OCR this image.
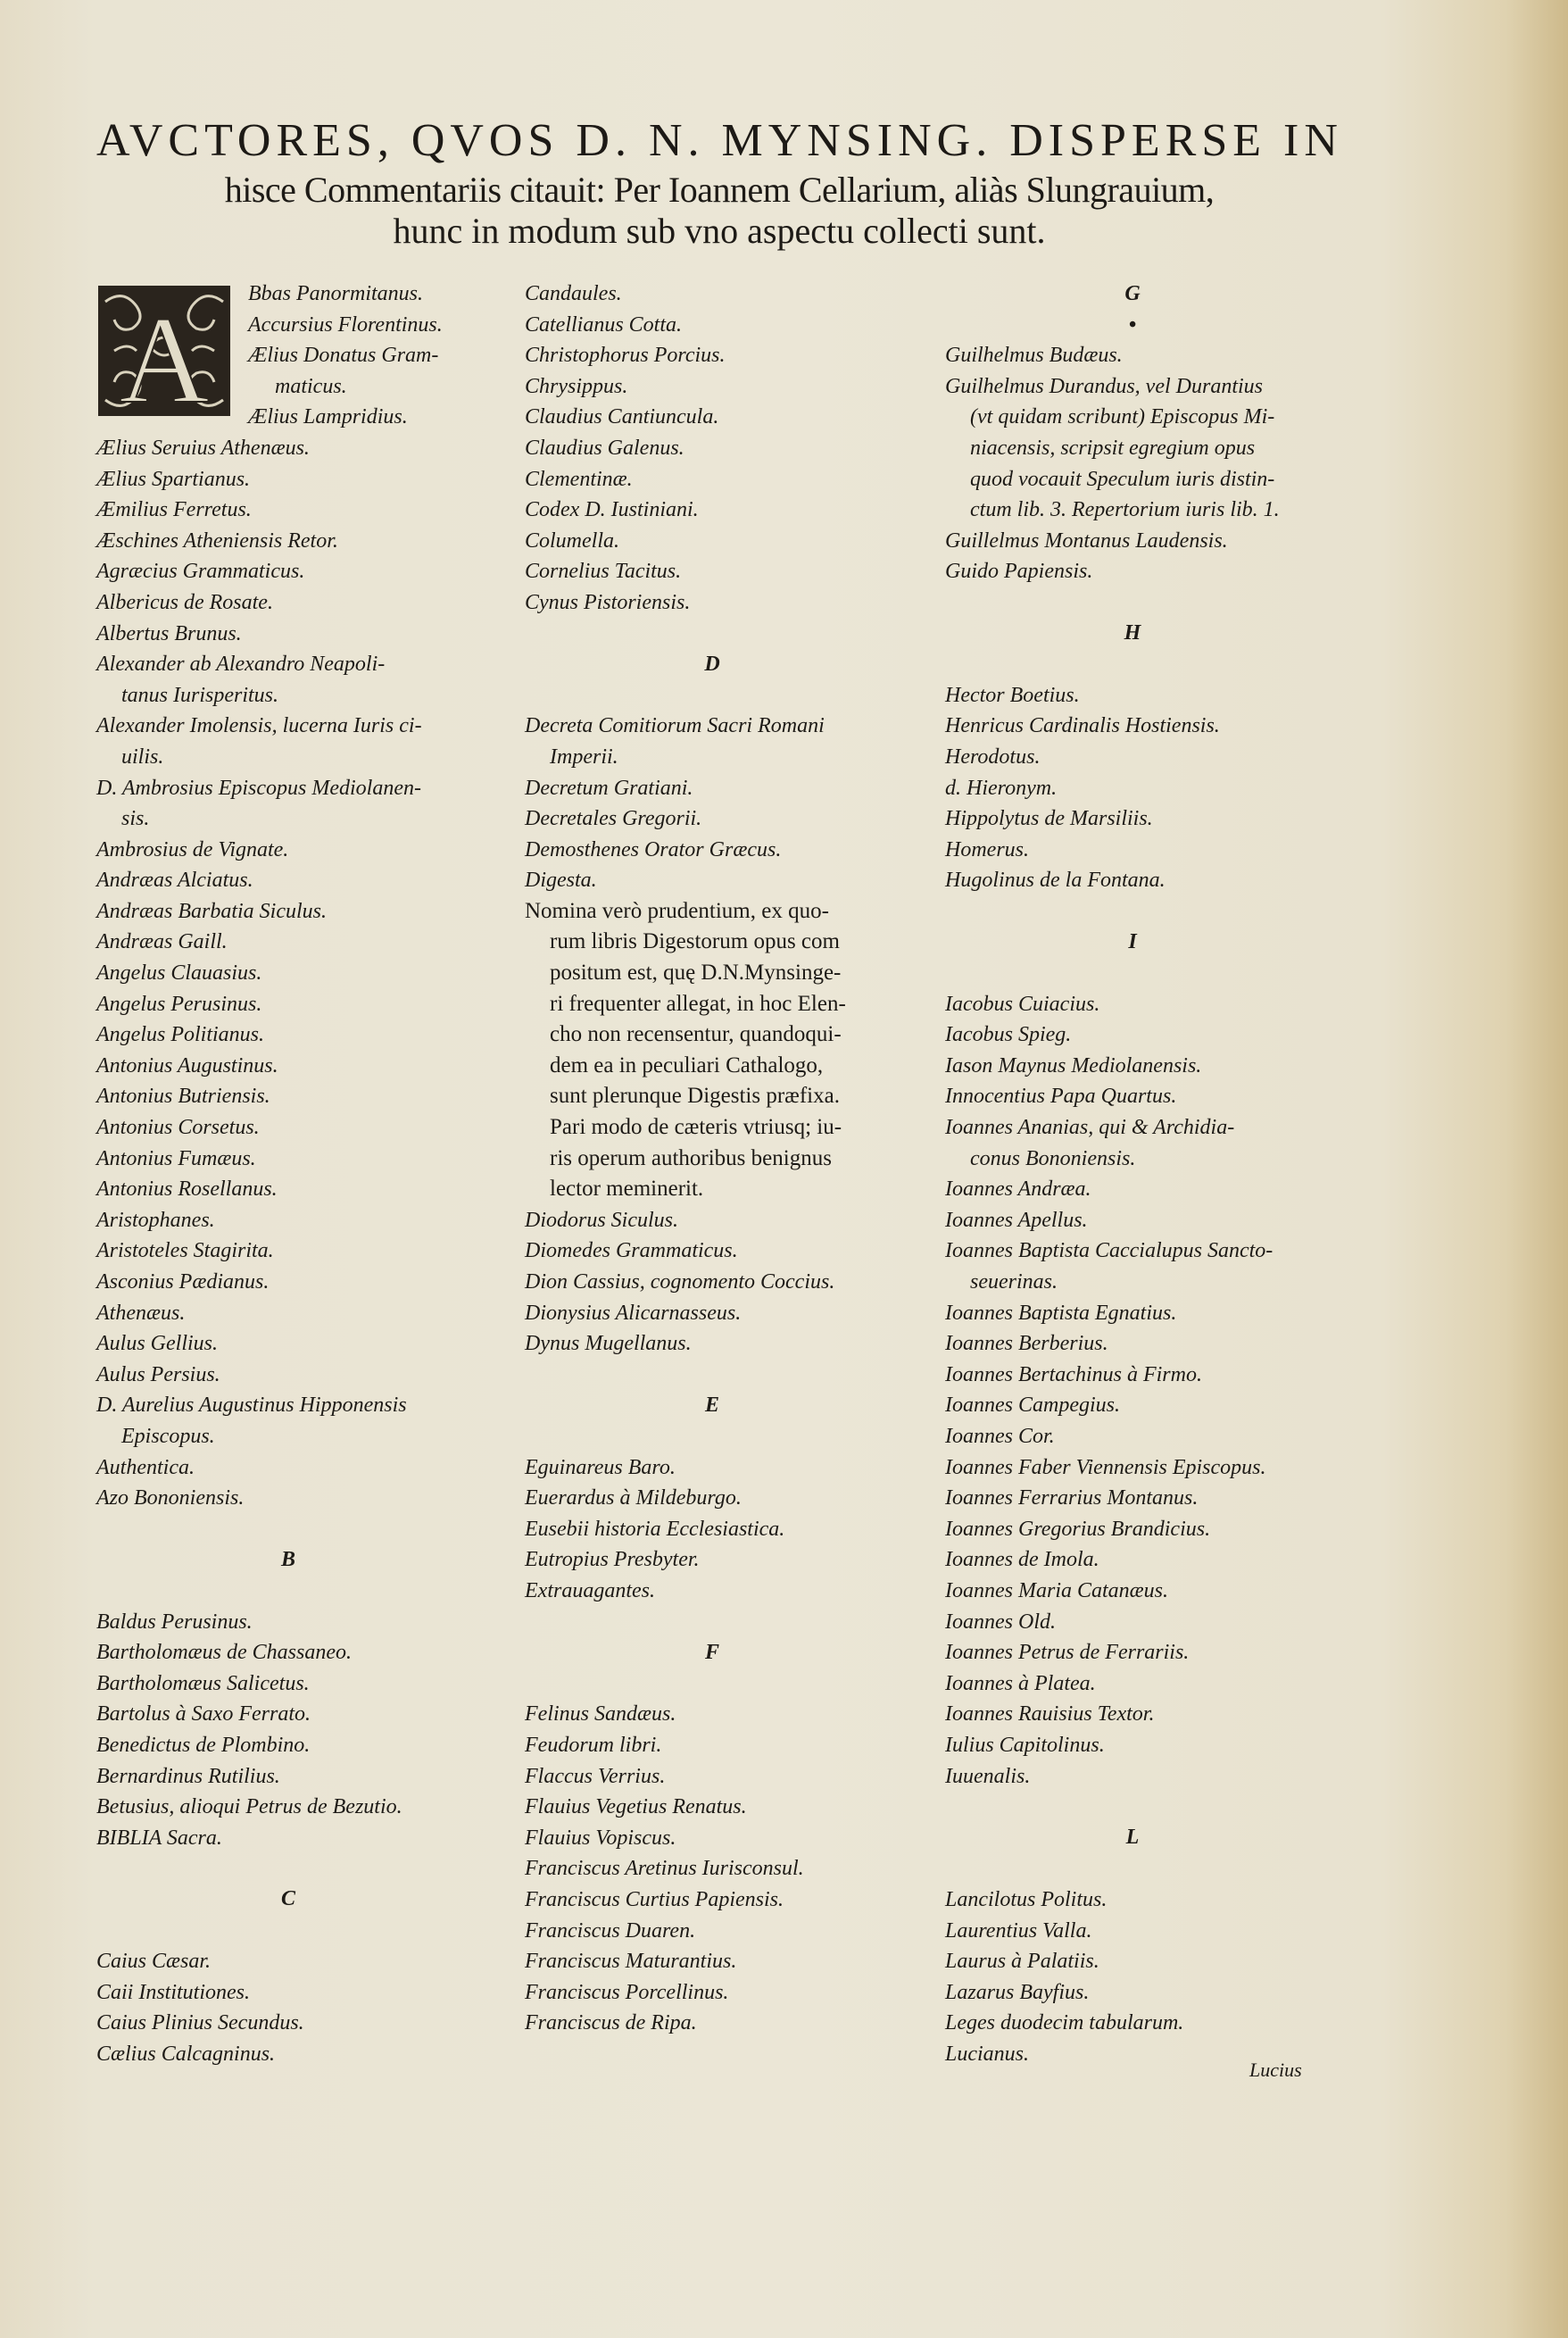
AVCTORES, QVOS D. N. MYNSING. DISPERSE IN
hisce Commentariis citauit: Per Ioannem Cellarium, aliàs Slungrauium,
hunc in modum sub vno aspectu collecti sunt.
A	Bbas Panormitanus.
Accursius Florentinus.
Ælius Donatus Gram-
maticus.
Ælius Lampridius.
Ælius Seruius Athenæus.
Ælius Spartianus.
Æmilius Ferretus.
Æschines Atheniensis Retor.
Agræcius Grammaticus.
Albericus de Rosate.
Albertus Brunus.
Alexander ab Alexandro Neapoli-
tanus Iurisperitus.
Alexander Imolensis, lucerna Iuris ci-
uilis.
D. Ambrosius Episcopus Mediolanen-
sis.
Ambrosius de Vignate.
Andræas Alciatus.
Andræas Barbatia Siculus.
Andræas Gaill.
Angelus Clauasius.
Angelus Perusinus.
Angelus Politianus.
Antonius Augustinus.
Antonius Butriensis.
Antonius Corsetus.
Antonius Fumæus.
Antonius Rosellanus.
Aristophanes.
Aristoteles Stagirita.
Asconius Pædianus.
Athenæus.
Aulus Gellius.
Aulus Persius.
D. Aurelius Augustinus Hipponensis
Episcopus.
Authentica.
Azo Bononiensis.
B
Baldus Perusinus.
Bartholomæus de Chassaneo.
Bartholomæus Salicetus.
Bartolus à Saxo Ferrato.
Benedictus de Plombino.
Bernardinus Rutilius.
Betusius, alioqui Petrus de Bezutio.
BIBLIA Sacra.
C
Caius Cæsar.
Caii Institutiones.
Caius Plinius Secundus.
Cælius Calcagninus.
Candaules.
Catellianus Cotta.
Christophorus Porcius.
Chrysippus.
Claudius Cantiuncula.
Claudius Galenus.
Clementinæ.
Codex D. Iustiniani.
Columella.
Cornelius Tacitus.
Cynus Pistoriensis.
D
Decreta Comitiorum Sacri Romani
Imperii.
Decretum Gratiani.
Decretales Gregorii.
Demosthenes Orator Græcus.
Digesta.
Nomina verò prudentium, ex quo-
rum libris Digestorum opus com
positum est, quę D.N.Mynsinge-
ri frequenter allegat, in hoc Elen-
cho non recensentur, quandoqui-
dem ea in peculiari Cathalogo,
sunt plerunque Digestis præfixa.
Pari modo de cæteris vtriusq; iu-
ris operum authoribus benignus
lector meminerit.
Diodorus Siculus.
Diomedes Grammaticus.
Dion Cassius, cognomento Coccius.
Dionysius Alicarnasseus.
Dynus Mugellanus.
E
Eguinareus Baro.
Euerardus à Mildeburgo.
Eusebii historia Ecclesiastica.
Eutropius Presbyter.
Extrauagantes.
F
Felinus Sandæus.
Feudorum libri.
Flaccus Verrius.
Flauius Vegetius Renatus.
Flauius Vopiscus.
Franciscus Aretinus Iurisconsul.
Franciscus Curtius Papiensis.
Franciscus Duaren.
Franciscus Maturantius.
Franciscus Porcellinus.
Franciscus de Ripa.
G
•
Guilhelmus Budæus.
Guilhelmus Durandus, vel Durantius
(vt quidam scribunt) Episcopus Mi-
niacensis, scripsit egregium opus
quod vocauit Speculum iuris distin-
ctum lib. 3. Repertorium iuris lib. 1.
Guillelmus Montanus Laudensis.
Guido Papiensis.
H
Hector Boetius.
Henricus Cardinalis Hostiensis.
Herodotus.
d. Hieronym.
Hippolytus de Marsiliis.
Homerus.
Hugolinus de la Fontana.
I
Iacobus Cuiacius.
Iacobus Spieg.
Iason Maynus Mediolanensis.
Innocentius Papa Quartus.
Ioannes Ananias, qui & Archidia-
conus Bononiensis.
Ioannes Andræa.
Ioannes Apellus.
Ioannes Baptista Caccialupus Sancto-
seuerinas.
Ioannes Baptista Egnatius.
Ioannes Berberius.
Ioannes Bertachinus à Firmo.
Ioannes Campegius.
Ioannes Cor.
Ioannes Faber Viennensis Episcopus.
Ioannes Ferrarius Montanus.
Ioannes Gregorius Brandicius.
Ioannes de Imola.
Ioannes Maria Catanæus.
Ioannes Old.
Ioannes Petrus de Ferrariis.
Ioannes à Platea.
Ioannes Rauisius Textor.
Iulius Capitolinus.
Iuuenalis.
L
Lancilotus Politus.
Laurentius Valla.
Laurus à Palatiis.
Lazarus Bayfius.
Leges duodecim tabularum.
Lucianus.
Lucius
